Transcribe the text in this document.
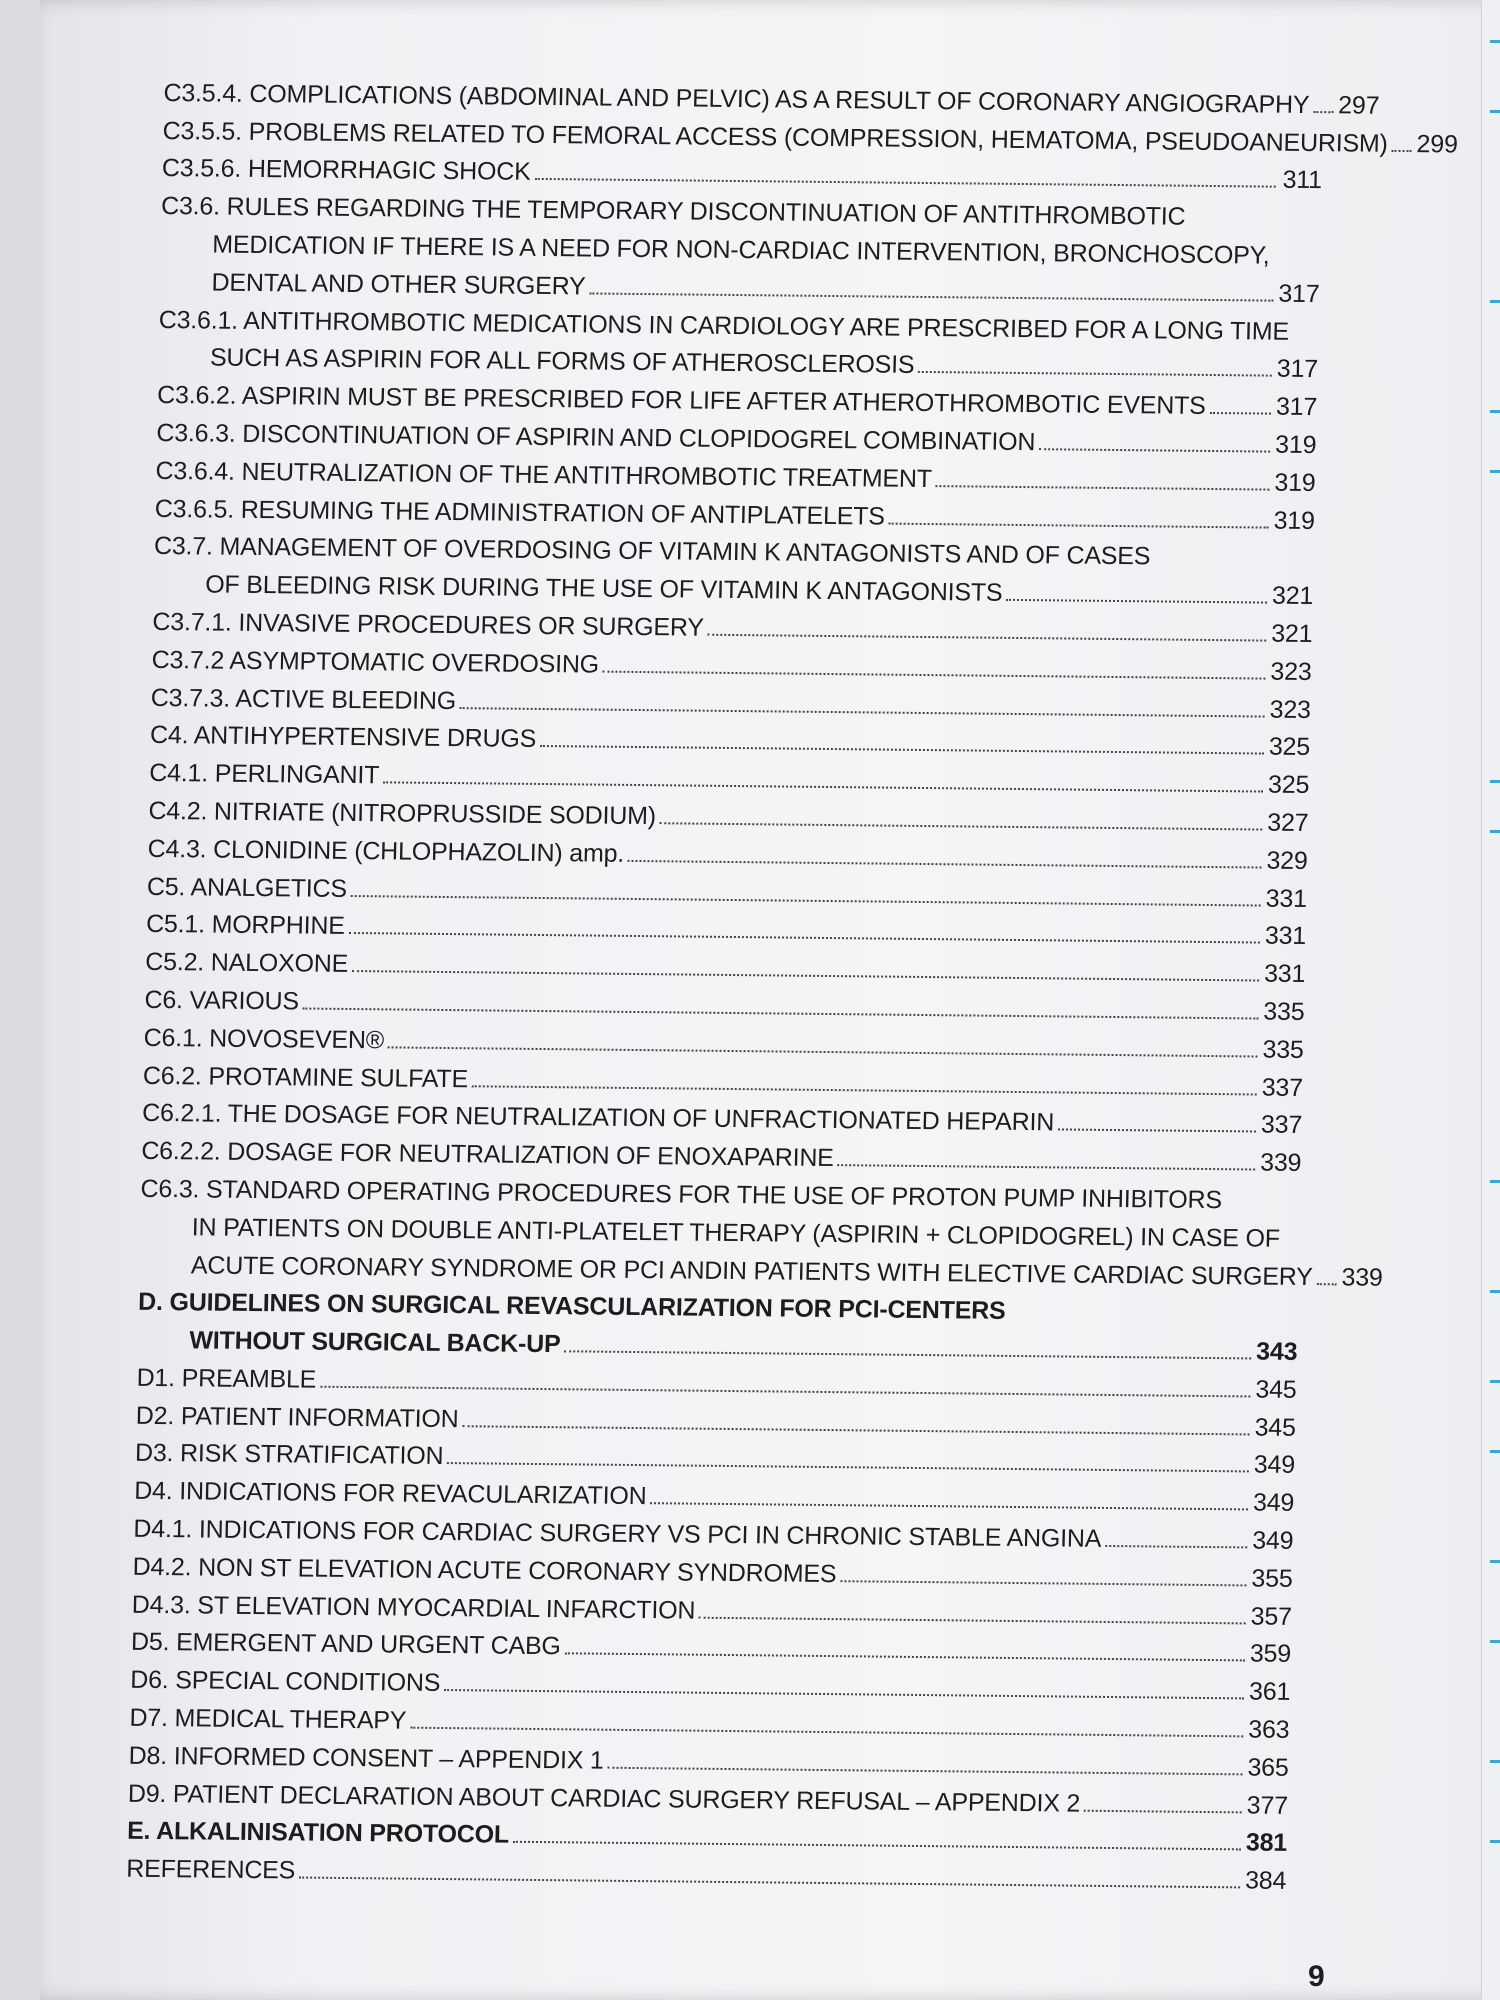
C3.5.4. COMPLICATIONS (ABDOMINAL AND PELVIC) AS A RESULT OF CORONARY ANGIOGRAPHY 297
C3.5.5. PROBLEMS RELATED TO FEMORAL ACCESS (COMPRESSION, HEMATOMA, PSEUDOANEURISM) 299
C3.5.6. HEMORRHAGIC SHOCK	311
C3.6. RULES REGARDING THE TEMPORARY DISCONTINUATION OF ANTITHROMBOTIC
MEDICATION IF THERE IS A NEED FOR NON-CARDIAC INTERVENTION, BRONCHOSCOPY,
DENTAL AND OTHER SURGERY	317
C3.6.1. ANTITHROMBOTIC MEDICATIONS IN CARDIOLOGY ARE PRESCRIBED FOR A LONG TIME
SUCH AS ASPIRIN FOR ALL FORMS OF ATHEROSCLEROSIS	317
C3.6.2. ASPIRIN MUST BE PRESCRIBED FOR LIFE AFTER ATHEROTHROMBOTIC EVENTS	317
C3.6.3. DISCONTINUATION OF ASPIRIN AND CLOPIDOGREL COMBINATION	319
C3.6.4. NEUTRALIZATION OF THE ANTITHROMBOTIC TREATMENT	319
C3.6.5. RESUMING THE ADMINISTRATION OF ANTIPLATELETS	319
C3.7. MANAGEMENT OF OVERDOSING OF VITAMIN K ANTAGONISTS AND OF CASES
OF BLEEDING RISK DURING THE USE OF VITAMIN K ANTAGONISTS	321
C3.7.1. INVASIVE PROCEDURES OR SURGERY	321
C3.7.2 ASYMPTOMATIC OVERDOSING	323
C3.7.3. ACTIVE BLEEDING	323
C4. ANTIHYPERTENSIVE DRUGS	325
C4.1. PERLINGANIT	325
C4.2. NITRIATE (NITROPRUSSIDE SODIUM)	327
C4.3. CLONIDINE (CHLOPHAZOLIN) amp.	329
C5. ANALGETICS	331
C5.1. MORPHINE	331
C5.2. NALOXONE	331
C6. VARIOUS	335
C6.1. NOVOSEVEN®	335
C6.2. PROTAMINE SULFATE	337
C6.2.1. THE DOSAGE FOR NEUTRALIZATION OF UNFRACTIONATED HEPARIN	337
C6.2.2. DOSAGE FOR NEUTRALIZATION OF ENOXAPARINE	339
C6.3. STANDARD OPERATING PROCEDURES FOR THE USE OF PROTON PUMP INHIBITORS
IN PATIENTS ON DOUBLE ANTI-PLATELET THERAPY (ASPIRIN + CLOPIDOGREL) IN CASE OF
ACUTE CORONARY SYNDROME OR PCI ANDIN PATIENTS WITH ELECTIVE CARDIAC SURGERY 339
D. GUIDELINES ON SURGICAL REVASCULARIZATION FOR PCI-CENTERS
WITHOUT SURGICAL BACK-UP	343
D1. PREAMBLE	345
D2. PATIENT INFORMATION	345
D3. RISK STRATIFICATION	349
D4. INDICATIONS FOR REVACULARIZATION	349
D4.1. INDICATIONS FOR CARDIAC SURGERY VS PCI IN CHRONIC STABLE ANGINA	349
D4.2. NON ST ELEVATION ACUTE CORONARY SYNDROMES	355
D4.3. ST ELEVATION MYOCARDIAL INFARCTION	357
D5. EMERGENT AND URGENT CABG	359
D6. SPECIAL CONDITIONS	361
D7. MEDICAL THERAPY	363
D8. INFORMED CONSENT – APPENDIX 1	365
D9. PATIENT DECLARATION ABOUT CARDIAC SURGERY REFUSAL – APPENDIX 2	377
E. ALKALINISATION PROTOCOL	381
REFERENCES	384
9
